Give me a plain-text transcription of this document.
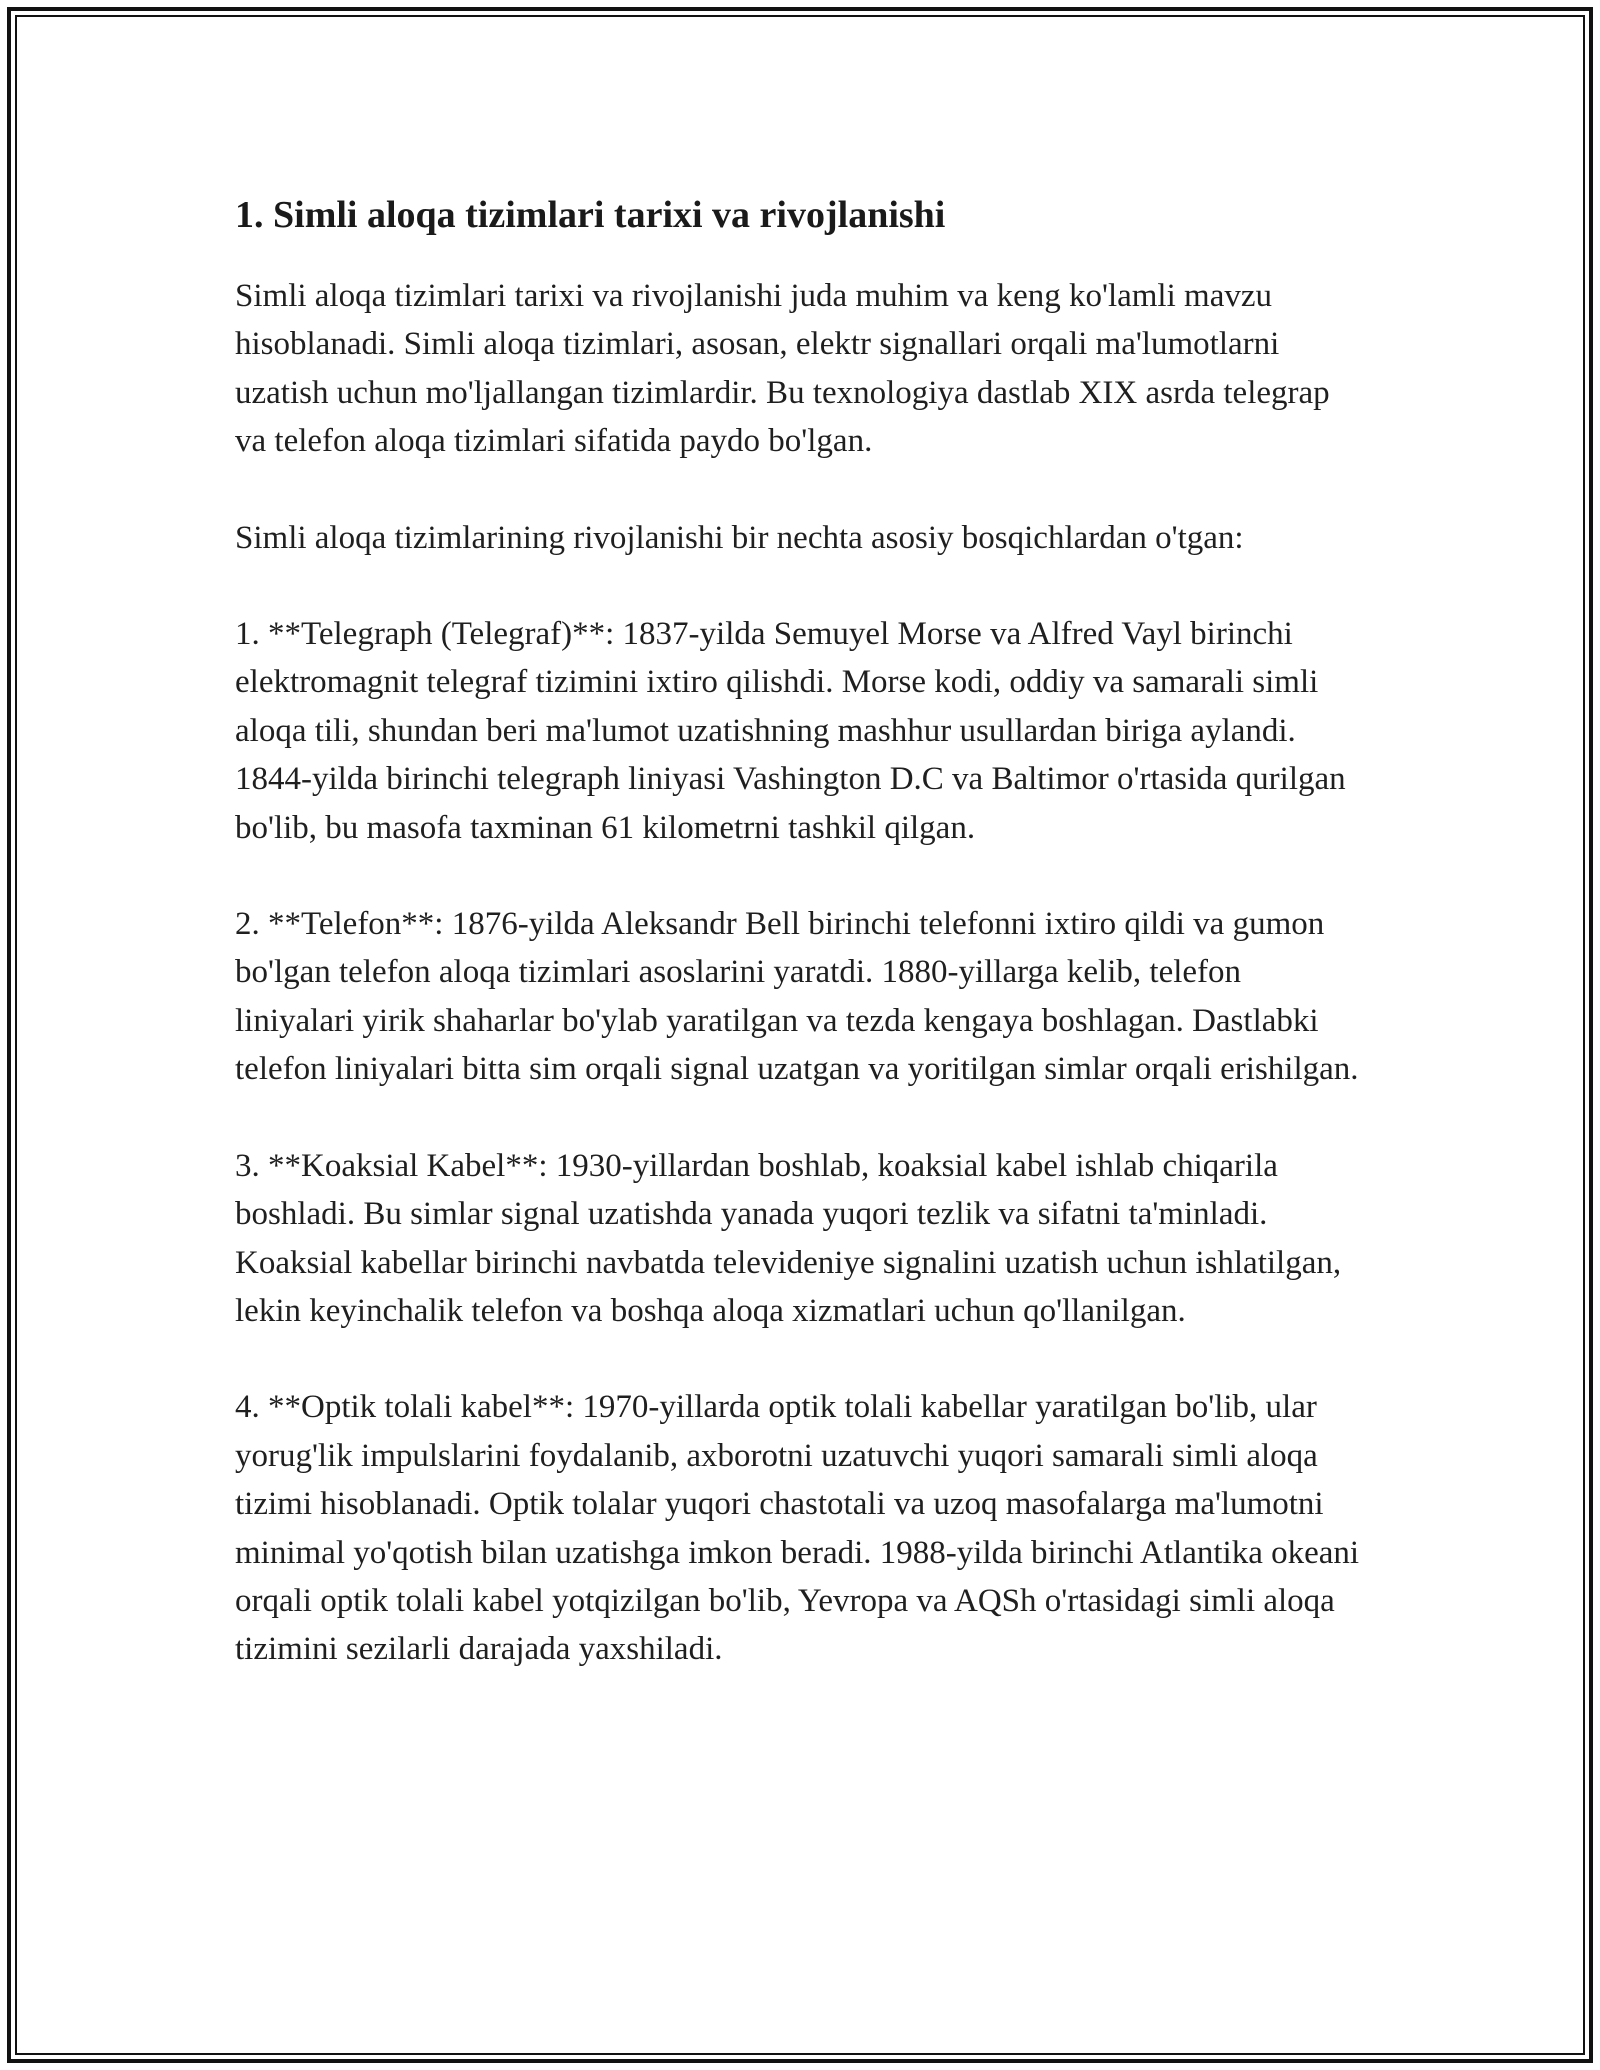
1. Simli aloqa tizimlari tarixi va rivojlanishi

Simli aloqa tizimlari tarixi va rivojlanishi juda muhim va keng ko'lamli mavzu hisoblanadi. Simli aloqa tizimlari, asosan, elektr signallari orqali ma'lumotlarni uzatish uchun mo'ljallangan tizimlardir. Bu texnologiya dastlab XIX asrda telegrap va telefon aloqa tizimlari sifatida paydo bo'lgan.

Simli aloqa tizimlarining rivojlanishi bir nechta asosiy bosqichlardan o'tgan:

1. **Telegraph (Telegraf)**: 1837-yilda Semuyel Morse va Alfred Vayl birinchi elektromagnit telegraf tizimini ixtiro qilishdi. Morse kodi, oddiy va samarali simli aloqa tili, shundan beri ma'lumot uzatishning mashhur usullardan biriga aylandi. 1844-yilda birinchi telegraph liniyasi Vashington D.C va Baltimor o'rtasida qurilgan bo'lib, bu masofa taxminan 61 kilometrni tashkil qilgan.

2. **Telefon**: 1876-yilda Aleksandr Bell birinchi telefonni ixtiro qildi va gumon bo'lgan telefon aloqa tizimlari asoslarini yaratdi. 1880-yillarga kelib, telefon liniyalari yirik shaharlar bo'ylab yaratilgan va tezda kengaya boshlagan. Dastlabki telefon liniyalari bitta sim orqali signal uzatgan va yoritilgan simlar orqali erishilgan.

3. **Koaksial Kabel**: 1930-yillardan boshlab, koaksial kabel ishlab chiqarila boshladi. Bu simlar signal uzatishda yanada yuqori tezlik va sifatni ta'minladi. Koaksial kabellar birinchi navbatda televideniye signalini uzatish uchun ishlatilgan, lekin keyinchalik telefon va boshqa aloqa xizmatlari uchun qo'llanilgan.

4. **Optik tolali kabel**: 1970-yillarda optik tolali kabellar yaratilgan bo'lib, ular yorug'lik impulslarini foydalanib, axborotni uzatuvchi yuqori samarali simli aloqa tizimi hisoblanadi. Optik tolalar yuqori chastotali va uzoq masofalarga ma'lumotni minimal yo'qotish bilan uzatishga imkon beradi. 1988-yilda birinchi Atlantika okeani orqali optik tolali kabel yotqizilgan bo'lib, Yevropa va AQSh o'rtasidagi simli aloqa tizimini sezilarli darajada yaxshiladi.
